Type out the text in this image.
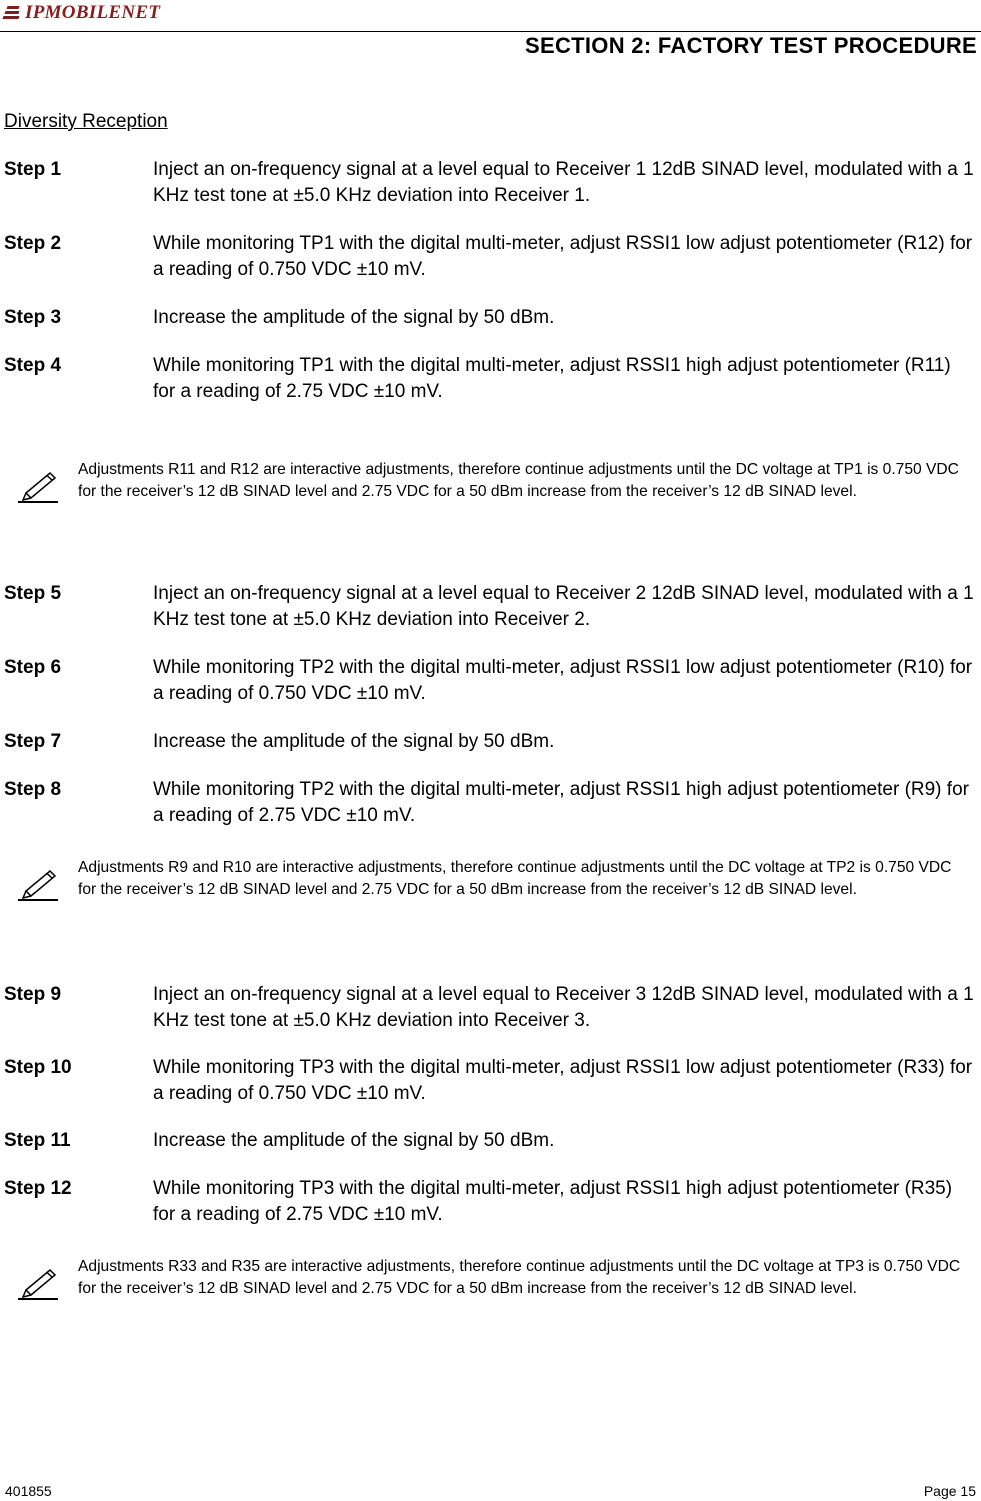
IPMOBILENET
SECTION 2: FACTORY TEST PROCEDURE
Diversity Reception
Step 1	Inject an on-frequency signal at a level equal to Receiver 1 12dB SINAD level, modulated with a 1 KHz test tone at ±5.0 KHz deviation into Receiver 1.
Step 2	While monitoring TP1 with the digital multi-meter, adjust RSSI1 low adjust potentiometer (R12) for a reading of 0.750 VDC ±10 mV.
Step 3	Increase the amplitude of the signal by 50 dBm.
Step 4	While monitoring TP1 with the digital multi-meter, adjust RSSI1 high adjust potentiometer (R11) for a reading of 2.75 VDC ±10 mV.
Adjustments R11 and R12 are interactive adjustments, therefore continue adjustments until the DC voltage at TP1 is 0.750 VDC for the receiver’s 12 dB SINAD level and 2.75 VDC for a 50 dBm increase from the receiver’s 12 dB SINAD level.
Step 5	Inject an on-frequency signal at a level equal to Receiver 2 12dB SINAD level, modulated with a 1 KHz test tone at ±5.0 KHz deviation into Receiver 2.
Step 6	While monitoring TP2 with the digital multi-meter, adjust RSSI1 low adjust potentiometer (R10) for a reading of 0.750 VDC ±10 mV.
Step 7	Increase the amplitude of the signal by 50 dBm.
Step 8	While monitoring TP2 with the digital multi-meter, adjust RSSI1 high adjust potentiometer (R9) for a reading of 2.75 VDC ±10 mV.
Adjustments R9 and R10 are interactive adjustments, therefore continue adjustments until the DC voltage at TP2 is 0.750 VDC for the receiver’s 12 dB SINAD level and 2.75 VDC for a 50 dBm increase from the receiver’s 12 dB SINAD level.
Step 9	Inject an on-frequency signal at a level equal to Receiver 3 12dB SINAD level, modulated with a 1 KHz test tone at ±5.0 KHz deviation into Receiver 3.
Step 10	While monitoring TP3 with the digital multi-meter, adjust RSSI1 low adjust potentiometer (R33) for a reading of 0.750 VDC ±10 mV.
Step 11	Increase the amplitude of the signal by 50 dBm.
Step 12	While monitoring TP3 with the digital multi-meter, adjust RSSI1 high adjust potentiometer (R35) for a reading of 2.75 VDC ±10 mV.
Adjustments R33 and R35 are interactive adjustments, therefore continue adjustments until the DC voltage at TP3 is 0.750 VDC for the receiver’s 12 dB SINAD level and 2.75 VDC for a 50 dBm increase from the receiver’s 12 dB SINAD level.
401855	Page 15
